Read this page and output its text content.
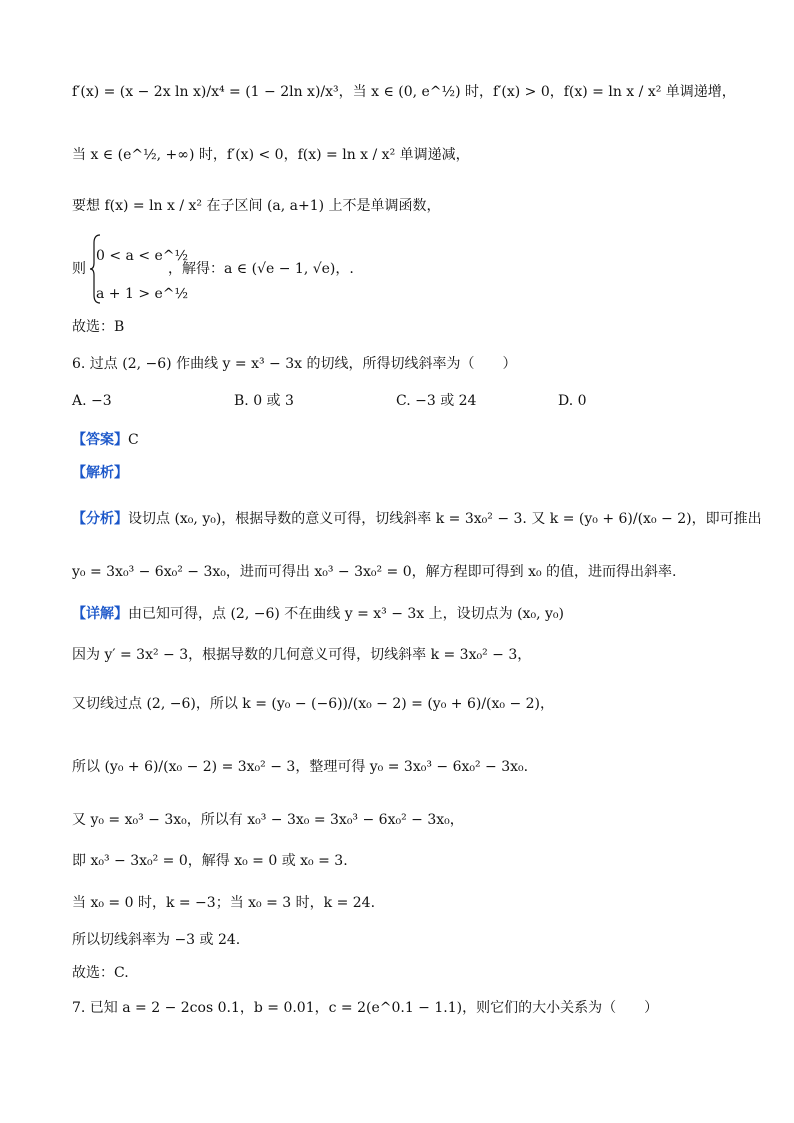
f′(x) = (x − 2x ln x)/x⁴ = (1 − 2ln x)/x³，当 x ∈ (0, e^½) 时，f′(x) > 0，f(x) = ln x / x² 单调递增，
当 x ∈ (e^½, +∞) 时，f′(x) < 0，f(x) = ln x / x² 单调递减，
要想 f(x) = ln x / x² 在子区间 (a, a+1) 上不是单调函数，
则
0 < a < e^½
a + 1 > e^½
，解得：a ∈ (√e − 1, √e)，.
故选：B
6. 过点 (2, −6) 作曲线 y = x³ − 3x 的切线，所得切线斜率为（　　）
A. −3	B. 0 或 3	C. −3 或 24	D. 0
【答案】C
【解析】
【分析】设切点 (x₀, y₀)，根据导数的意义可得，切线斜率 k = 3x₀² − 3. 又 k = (y₀ + 6)/(x₀ − 2)，即可推出
y₀ = 3x₀³ − 6x₀² − 3x₀，进而可得出 x₀³ − 3x₀² = 0，解方程即可得到 x₀ 的值，进而得出斜率.
【详解】由已知可得，点 (2, −6) 不在曲线 y = x³ − 3x 上，设切点为 (x₀, y₀)
因为 y′ = 3x² − 3，根据导数的几何意义可得，切线斜率 k = 3x₀² − 3，
又切线过点 (2, −6)，所以 k = (y₀ − (−6))/(x₀ − 2) = (y₀ + 6)/(x₀ − 2)，
所以 (y₀ + 6)/(x₀ − 2) = 3x₀² − 3，整理可得 y₀ = 3x₀³ − 6x₀² − 3x₀.
又 y₀ = x₀³ − 3x₀，所以有 x₀³ − 3x₀ = 3x₀³ − 6x₀² − 3x₀，
即 x₀³ − 3x₀² = 0，解得 x₀ = 0 或 x₀ = 3.
当 x₀ = 0 时，k = −3；当 x₀ = 3 时，k = 24.
所以切线斜率为 −3 或 24.
故选：C.
7. 已知 a = 2 − 2cos 0.1，b = 0.01，c = 2(e^0.1 − 1.1)，则它们的大小关系为（　　）
